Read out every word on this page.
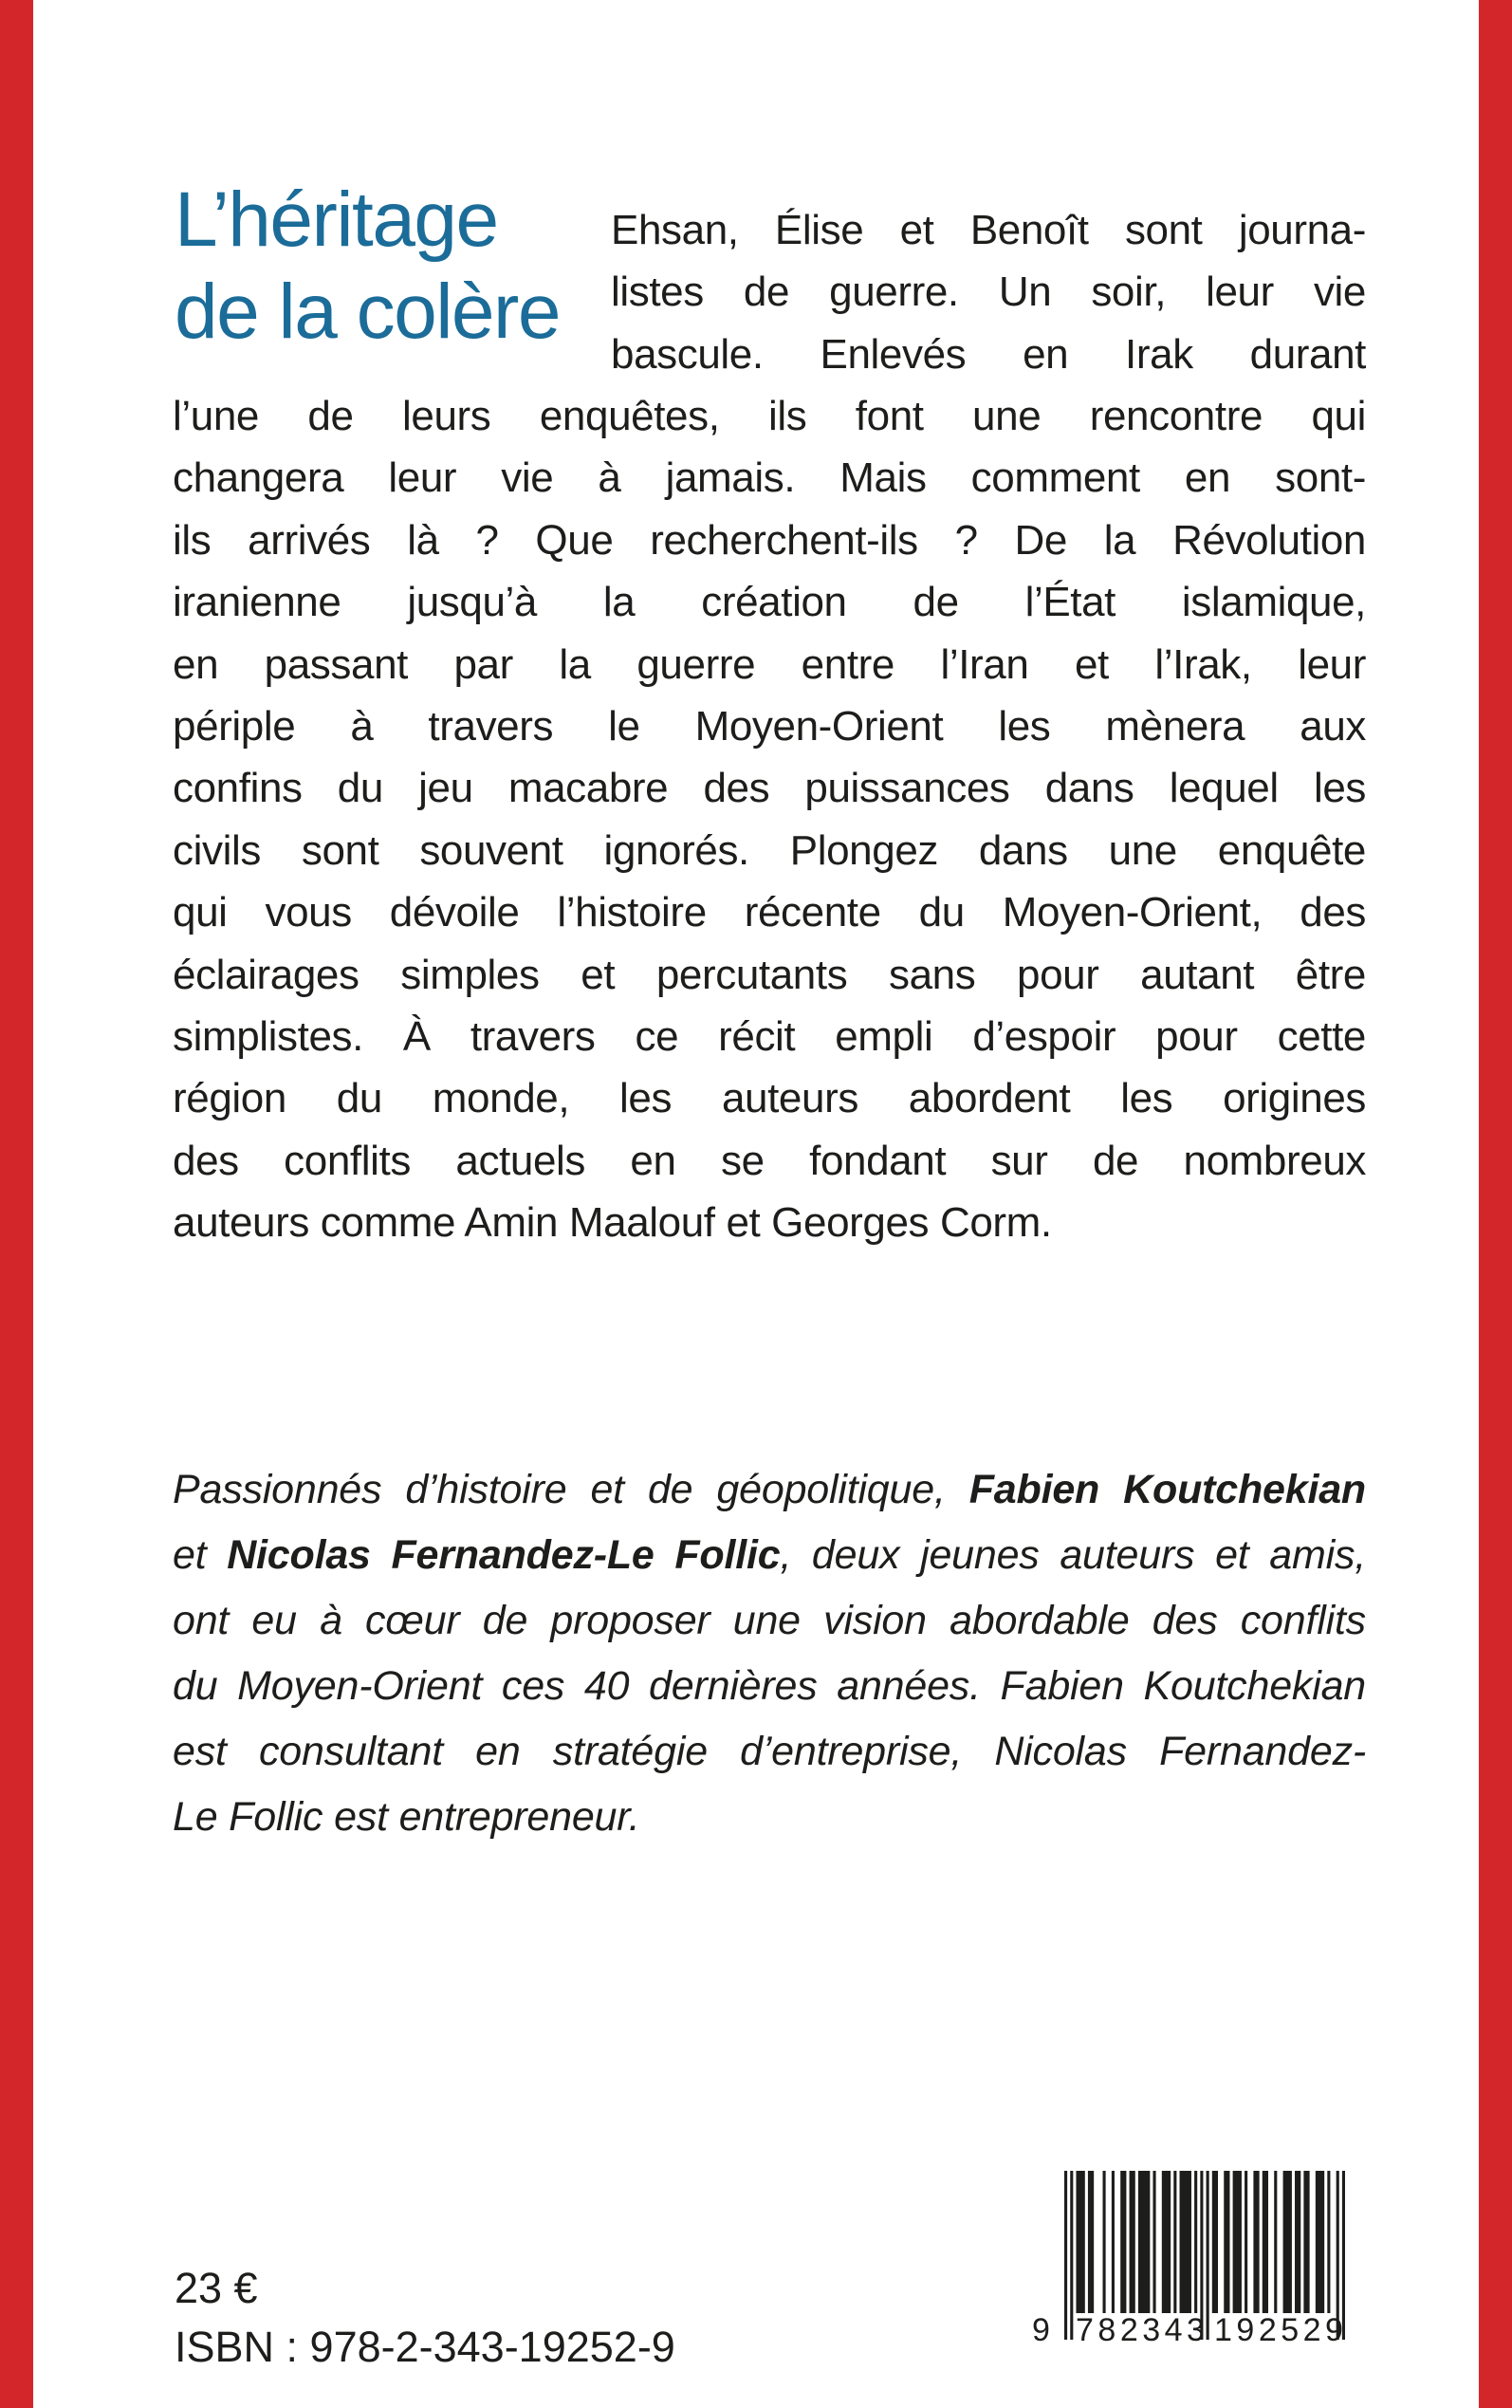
L’héritage
de la colère
Ehsan, Élise et Benoît sont journa-
listes de guerre. Un soir, leur vie
bascule. Enlevés en Irak durant
l’une de leurs enquêtes, ils font une rencontre qui
changera leur vie à jamais. Mais comment en sont-
ils arrivés là ? Que recherchent-ils ? De la Révolution
iranienne jusqu’à la création de l’État islamique,
en passant par la guerre entre l’Iran et l’Irak, leur
périple à travers le Moyen-Orient les mènera aux
confins du jeu macabre des puissances dans lequel les
civils sont souvent ignorés. Plongez dans une enquête
qui vous dévoile l’histoire récente du Moyen-Orient, des
éclairages simples et percutants sans pour autant être
simplistes. À travers ce récit empli d’espoir pour cette
région du monde, les auteurs abordent les origines
des conflits actuels en se fondant sur de nombreux
auteurs comme Amin Maalouf et Georges Corm.
Passionnés d’histoire et de géopolitique, Fabien Koutchekian
et Nicolas Fernandez-Le Follic, deux jeunes auteurs et amis,
ont eu à cœur de proposer une vision abordable des conflits
du Moyen-Orient ces 40 dernières années. Fabien Koutchekian
est consultant en stratégie d’entreprise, Nicolas Fernandez-
Le Follic est entrepreneur.
23 €
ISBN : 978-2-343-19252-9	9 782343 192529
